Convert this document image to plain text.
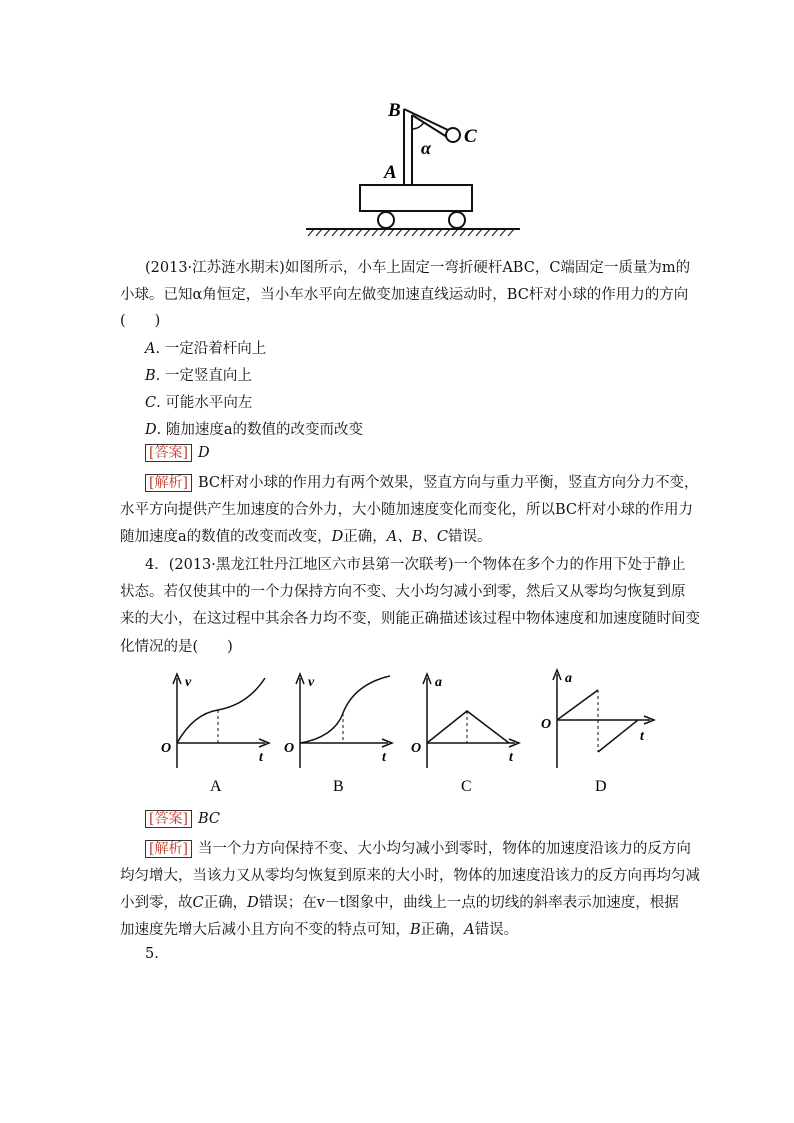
B
A
C
α
(2013·江苏涟水期末)如图所示，小车上固定一弯折硬杆ABC，C端固定一质量为m的
小球。已知α角恒定，当小车水平向左做变加速直线运动时，BC杆对小球的作用力的方向
(　　)
A. 一定沿着杆向上
B. 一定竖直向上
C. 可能水平向左
D. 随加速度a的数值的改变而改变
[答案] D
[解析] BC杆对小球的作用力有两个效果，竖直方向与重力平衡，竖直方向分力不变，
水平方向提供产生加速度的合外力，大小随加速度变化而变化，所以BC杆对小球的作用力
随加速度a的数值的改变而改变，D正确，A、B、C错误。
4．(2013·黑龙江牡丹江地区六市县第一次联考)一个物体在多个力的作用下处于静止
状态。若仅使其中的一个力保持方向不变、大小均匀减小到零，然后又从零均匀恢复到原
来的大小，在这过程中其余各力均不变，则能正确描述该过程中物体速度和加速度随时间变
化情况的是(　　)
v
t
O
A
v
t
O
B
a
t
O
C
a
t
O
D
[答案] BC
[解析] 当一个力方向保持不变、大小均匀减小到零时，物体的加速度沿该力的反方向
均匀增大，当该力又从零均匀恢复到原来的大小时，物体的加速度沿该力的反方向再均匀减
小到零，故C正确，D错误；在v－t图象中，曲线上一点的切线的斜率表示加速度，根据
加速度先增大后减小且方向不变的特点可知，B正确，A错误。
5.
